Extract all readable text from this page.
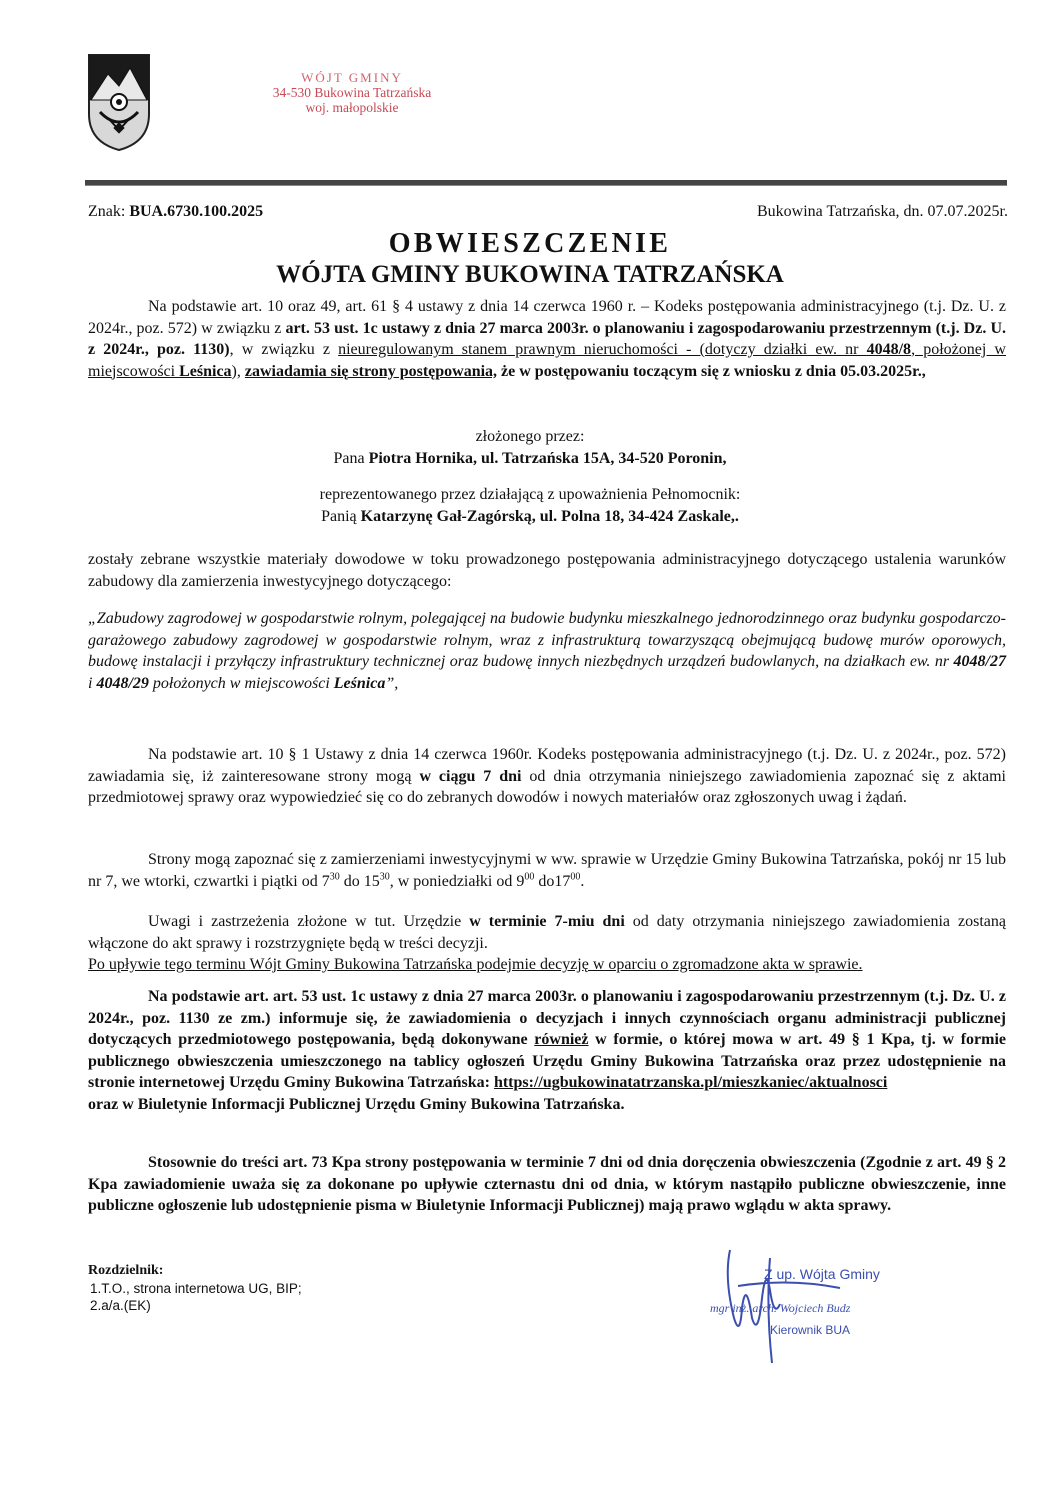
WÓJT GMINY
34-530 Bukowina Tatrzańska
woj. małopolskie
Znak: BUA.6730.100.2025	Bukowina Tatrzańska, dn. 07.07.2025r.
OBWIESZCZENIE
WÓJTA GMINY BUKOWINA TATRZAŃSKA

Na podstawie art. 10 oraz 49, art. 61 § 4 ustawy z dnia 14 czerwca 1960 r. – Kodeks postępowania administracyjnego (t.j. Dz. U. z 2024r., poz. 572) w związku z art. 53 ust. 1c ustawy z dnia 27 marca 2003r. o planowaniu i zagospodarowaniu przestrzennym (t.j. Dz. U. z 2024r., poz. 1130), w związku z nieuregulowanym stanem prawnym nieruchomości - (dotyczy działki ew. nr 4048/8, położonej w miejscowości Leśnica), zawiadamia się strony postępowania, że w postępowaniu toczącym się z wniosku z dnia 05.03.2025r.,

złożonego przez:

Pana Piotra Hornika, ul. Tatrzańska 15A, 34-520 Poronin,

reprezentowanego przez działającą z upoważnienia Pełnomocnik:

Panią Katarzynę Gał-Zagórską, ul. Polna 18, 34-424 Zaskale,.

zostały zebrane wszystkie materiały dowodowe w toku prowadzonego postępowania administracyjnego dotyczącego ustalenia warunków zabudowy dla zamierzenia inwestycyjnego dotyczącego:

„Zabudowy zagrodowej w gospodarstwie rolnym, polegającej na budowie budynku mieszkalnego jednorodzinnego oraz budynku gospodarczo-garażowego zabudowy zagrodowej w gospodarstwie rolnym, wraz z infrastrukturą towarzyszącą obejmującą budowę murów oporowych, budowę instalacji i przyłączy infrastruktury technicznej oraz budowę innych niezbędnych urządzeń budowlanych, na działkach ew. nr 4048/27 i 4048/29 położonych w miejscowości Leśnica”,

Na podstawie art. 10 § 1 Ustawy z dnia 14 czerwca 1960r. Kodeks postępowania administracyjnego (t.j. Dz. U. z 2024r., poz. 572) zawiadamia się, iż zainteresowane strony mogą w ciągu 7 dni od dnia otrzymania niniejszego zawiadomienia zapoznać się z aktami przedmiotowej sprawy oraz wypowiedzieć się co do zebranych dowodów i nowych materiałów oraz zgłoszonych uwag i żądań.

Strony mogą zapoznać się z zamierzeniami inwestycyjnymi w ww. sprawie w Urzędzie Gminy Bukowina Tatrzańska, pokój nr 15 lub nr 7, we wtorki, czwartki i piątki od $7^{30}$ do $15^{30}$, w poniedziałki od $9^{00}$ $do17^{00}$.

Uwagi i zastrzeżenia złożone w tut. Urzędzie w terminie 7-miu dni od daty otrzymania niniejszego zawiadomienia zostaną włączone do akt sprawy i rozstrzygnięte będą w treści decyzji.

Po upływie tego terminu Wójt Gminy Bukowina Tatrzańska podejmie decyzję w oparciu o zgromadzone akta w sprawie.

Na podstawie art. art. 53 ust. 1c ustawy z dnia 27 marca 2003r. o planowaniu i zagospodarowaniu przestrzennym (t.j. Dz. U. z 2024r., poz. 1130 ze zm.) informuje się, że zawiadomienia o decyzjach i innych czynnościach organu administracji publicznej dotyczących przedmiotowego postępowania, będą dokonywane również w formie, o której mowa w art. 49 § 1 Kpa, tj. w formie publicznego obwieszczenia umieszczonego na tablicy ogłoszeń Urzędu Gminy Bukowina Tatrzańska oraz przez udostępnienie na stronie internetowej Urzędu Gminy Bukowina Tatrzańska: https://ugbukowinatatrzanska.pl/mieszkaniec/aktualnosci
oraz w Biuletynie Informacji Publicznej Urzędu Gminy Bukowina Tatrzańska.

Stosownie do treści art. 73 Kpa strony postępowania w terminie 7 dni od dnia doręczenia obwieszczenia (Zgodnie z art. 49 § 2 Kpa zawiadomienie uważa się za dokonane po upływie czternastu dni od dnia, w którym nastąpiło publiczne obwieszczenie, inne publiczne ogłoszenie lub udostępnienie pisma w Biuletynie Informacji Publicznej) mają prawo wglądu w akta sprawy.

Rozdzielnik:
1.T.O., strona internetowa UG, BIP;
2.a/a.(EK)
Z up. Wójta Gminy
mgr inż. arch. Wojciech Budz
Kierownik BUA
